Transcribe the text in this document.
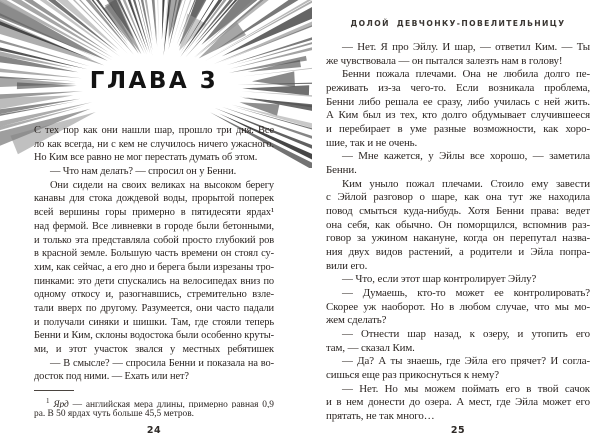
ГЛАВА 3
С тех пор как они нашли шар, прошло три дня. Все
ло как всегда, ни с кем не случилось ничего ужасного.
Но Ким все равно не мог перестать думать об этом.
— Что нам делать? — спросил он у Бенни.
Они сидели на своих великах на высоком берегу
канавы для стока дождевой воды, прорытой поперек
всей вершины горы примерно в пятидесяти ярдах¹
над фермой. Все ливневки в городе были бетонными,
и только эта представляла собой просто глубокий ров
в красной земле. Большую часть времени он стоял су-
хим, как сейчас, а его дно и берега были изрезаны тро-
пинками: это дети спускались на велосипедах вниз по
одному откосу и, разогнавшись, стремительно взле-
тали вверх по другому. Разумеется, они часто падали
и получали синяки и шишки. Там, где стояли теперь
Бенни и Ким, склоны водостока были особенно круты-
ми, и этот участок звался у местных ребятишек
— В смысле? — спросила Бенни и показала на во-
досток под ними. — Ехать или нет?
$^1$ Ярд — английская мера длины, примерно равная 0,9
ра. В 50 ярдах чуть больше 45,5 метров.
24
ДОЛОЙ ДЕВЧОНКУ-ПОВЕЛИТЕЛЬНИЦУ
— Нет. Я про Эйлу. И шар, — ответил Ким. — Ты
же чувствовала — он пытался залезть нам в голову!
Бенни пожала плечами. Она не любила долго пе-
реживать из-за чего-то. Если возникала проблема,
Бенни либо решала ее сразу, либо училась с ней жить.
А Ким был из тех, кто долго обдумывает случившееся
и перебирает в уме разные возможности, как хоро-
шие, так и не очень.
— Мне кажется, у Эйлы все хорошо, — заметила
Бенни.
Ким уныло пожал плечами. Стоило ему завести
с Эйлой разговор о шаре, как она тут же находила
повод смыться куда-нибудь. Хотя Бенни права: ведет
она себя, как обычно. Он поморщился, вспомнив раз-
говор за ужином накануне, когда он перепутал назва-
ния двух видов растений, а родители и Эйла попра-
вили его.
— Что, если этот шар контролирует Эйлу?
— Думаешь, кто-то может ее контролировать?
Скорее уж наоборот. Но в любом случае, что мы мо-
жем сделать?
— Отнести шар назад, к озеру, и утопить его
там, — сказал Ким.
— Да? А ты знаешь, где Эйла его прячет? И согла-
сишься еще раз прикоснуться к нему?
— Нет. Но мы можем поймать его в твой сачок
и в нем донести до озера. А мест, где Эйла может его
прятать, не так много…
25
